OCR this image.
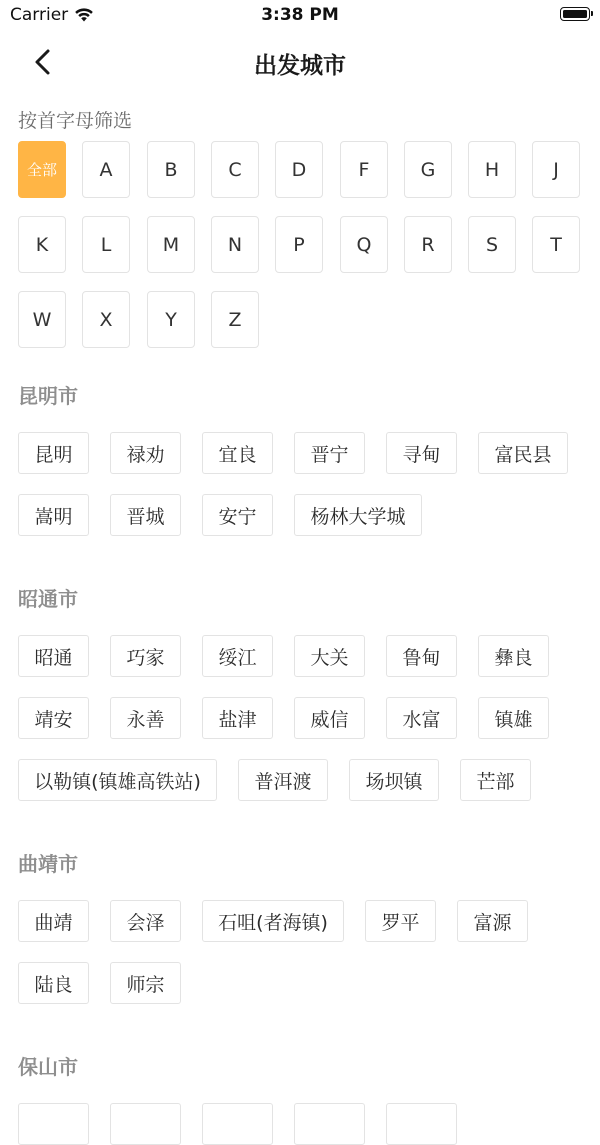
Carrier	3:38 PM
出发城市
按首字母筛选
全部	A	B	C	D	F	G	H	J
K	L	M	N	P	Q	R	S	T
W	X	Y	Z
昆明市
昆明	禄劝	宜良	晋宁	寻甸	富民县
嵩明	晋城	安宁	杨林大学城
昭通市
昭通	巧家	绥江	大关	鲁甸	彝良
靖安	永善	盐津	威信	水富	镇雄
以勒镇(镇雄高铁站)	普洱渡	场坝镇	芒部
曲靖市
曲靖	会泽	石咀(者海镇)	罗平	富源
陆良	师宗
保山市
